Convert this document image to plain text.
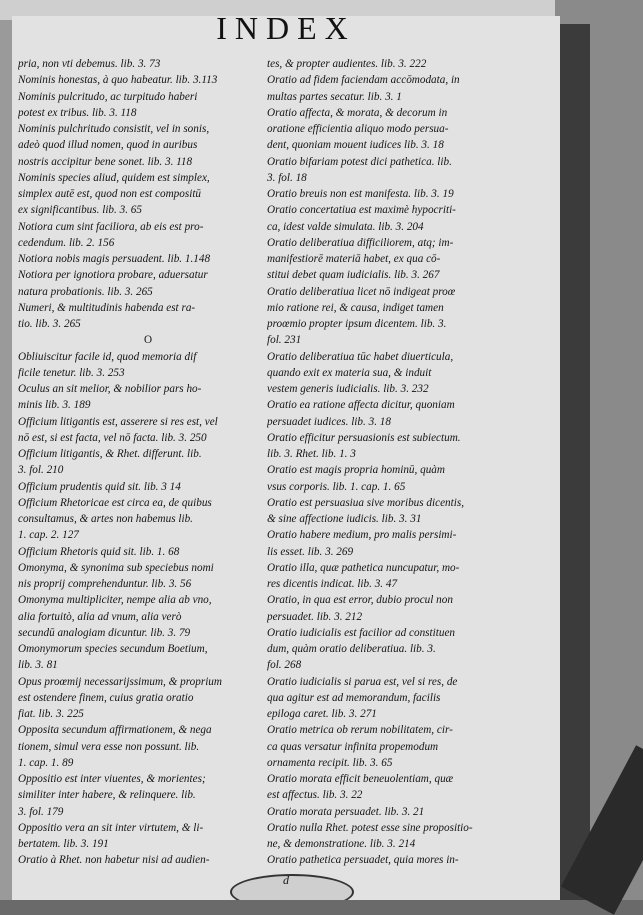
INDEX
pria, non vti debemus. lib. 3. 73
Nominis honestas, à quo habeatur. lib. 3.113
Nominis pulcritudo, ac turpitudo haberi
potest ex tribus. lib. 3. 118
Nominis pulchritudo consistit, vel in sonis,
adeò quod illud nomen, quod in auribus
nostris accipitur bene sonet. lib. 3. 118
Nominis species aliud, quidem est simplex,
simplex autē est, quod non est compositū
ex significantibus. lib. 3. 65
Notiora cum sint faciliora, ab eis est pro-
cedendum. lib. 2. 156
Notiora nobis magis persuadent. lib. 1.148
Notiora per ignotiora probare, aduersatur
natura probationis. lib. 3. 265
Numeri, & multitudinis habenda est ra-
tio. lib. 3. 265
O
Obliuiscitur facile id, quod memoria dif
ficile tenetur. lib. 3. 253
Oculus an sit melior, & nobilior pars ho-
minis lib. 3. 189
Officium litigantis est, asserere si res est, vel
nō est, si est facta, vel nō facta. lib. 3. 250
Officium litigantis, & Rhet. differunt. lib.
3. fol. 210
Officium prudentis quid sit. lib. 3 14
Officium Rhetoricae est circa ea, de quibus
consultamus, & artes non habemus lib.
1. cap. 2. 127
Officium Rhetoris quid sit. lib. 1. 68
Omonyma, & synonima sub speciebus nomi
nis proprij comprehenduntur. lib. 3. 56
Omonyma multipliciter, nempe alia ab vno,
alia fortuitò, alia ad vnum, alia verò
secundū analogiam dicuntur. lib. 3. 79
Omonymorum species secundum Boetium,
lib. 3. 81
Opus proœmij necessarijssimum, & proprium
est ostendere finem, cuius gratia oratio
fiat. lib. 3. 225
Opposita secundum affirmationem, & nega
tionem, simul vera esse non possunt. lib.
1. cap. 1. 89
Oppositio est inter viuentes, & morientes;
similiter inter habere, & relinquere. lib.
3. fol. 179
Oppositio vera an sit inter virtutem, & li-
bertatem. lib. 3. 191
Oratio à Rhet. non habetur nisi ad audien-
tes, & propter audientes. lib. 3. 222
Oratio ad fidem faciendam accōmodata, in
multas partes secatur. lib. 3. 1
Oratio affecta, & morata, & decorum in
oratione efficientia aliquo modo persua-
dent, quoniam mouent iudices lib. 3. 18
Oratio bifariam potest dici pathetica. lib.
3. fol. 18
Oratio breuis non est manifesta. lib. 3. 19
Oratio concertatiua est maximè hypocriti-
ca, idest valde simulata. lib. 3. 204
Oratio deliberatiua difficiliorem, atq; im-
manifestiorē materiā habet, ex qua cō-
stitui debet quam iudicialis. lib. 3. 267
Oratio deliberatiua licet nō indigeat proœ
mio ratione rei, & causa, indiget tamen
proœmio propter ipsum dicentem. lib. 3.
fol. 231
Oratio deliberatiua tūc habet diuerticula,
quando exit ex materia sua, & induit
vestem generis iudicialis. lib. 3. 232
Oratio ea ratione affecta dicitur, quoniam
persuadet iudices. lib. 3. 18
Oratio efficitur persuasionis est subiectum.
lib. 3. Rhet. lib. 1. 3
Oratio est magis propria hominū, quàm
vsus corporis. lib. 1. cap. 1. 65
Oratio est persuasiua sive moribus dicentis,
& sine affectione iudicis. lib. 3. 31
Oratio habere medium, pro malis persimi-
lis esset. lib. 3. 269
Oratio illa, quæ pathetica nuncupatur, mo-
res dicentis indicat. lib. 3. 47
Oratio, in qua est error, dubio procul non
persuadet. lib. 3. 212
Oratio iudicialis est facilior ad constituen
dum, quàm oratio deliberatiua. lib. 3.
fol. 268
Oratio iudicialis si parua est, vel si res, de
qua agitur est ad memorandum, facilis
epiloga caret. lib. 3. 271
Oratio metrica ob rerum nobilitatem, cir-
ca quas versatur infinita propemodum
ornamenta recipit. lib. 3. 65
Oratio morata efficit beneuolentiam, quæ
est affectus. lib. 3. 22
Oratio morata persuadet. lib. 3. 21
Oratio nulla Rhet. potest esse sine propositio-
ne, & demonstratione. lib. 3. 214
Oratio pathetica persuadet, quia mores in-
d
